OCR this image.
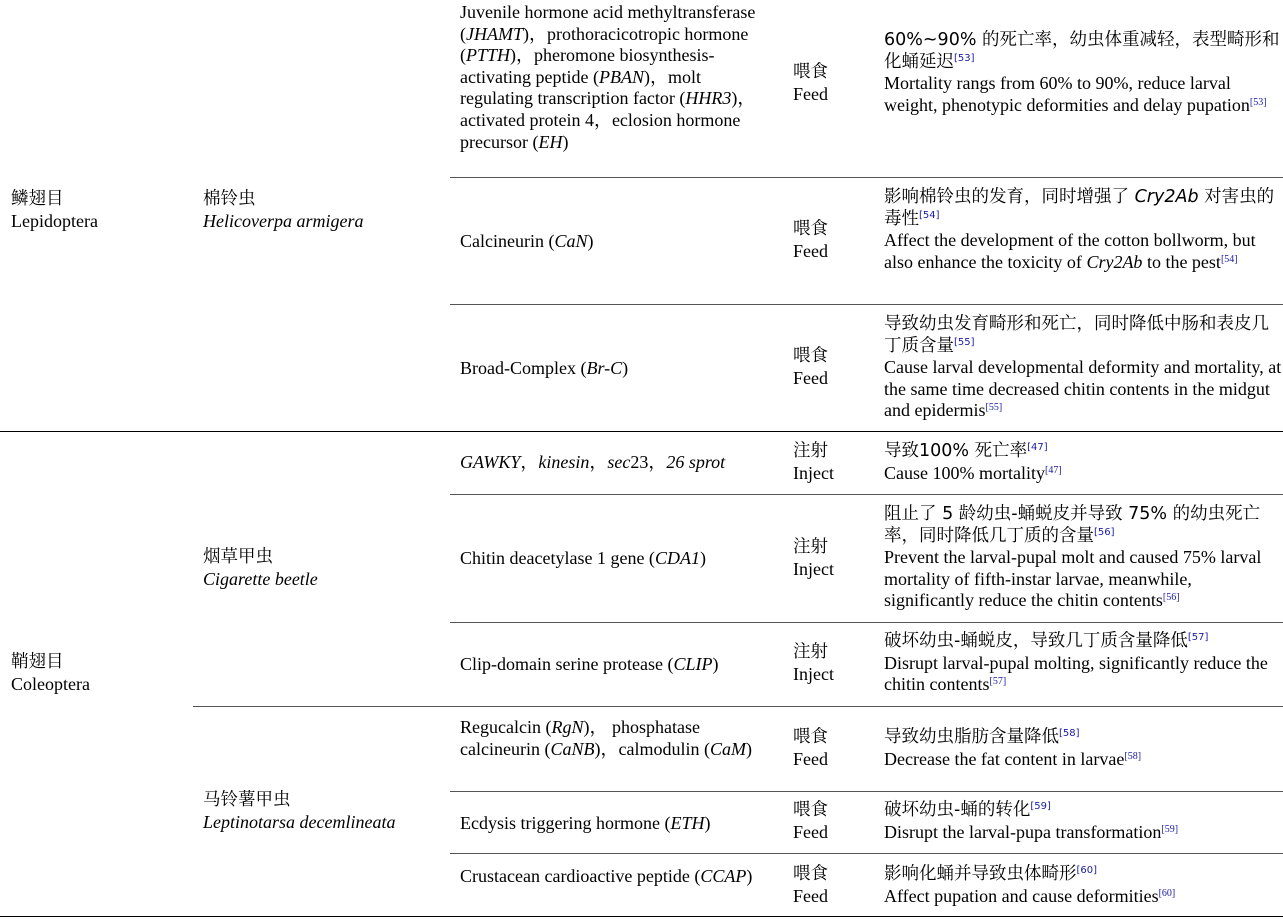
鳞翅目
Lepidoptera
棉铃虫
Helicoverpa armigera
Juvenile hormone acid methyltransferase (JHAMT)，prothoracicotropic hormone (PTTH)，pheromone biosynthesis-activating peptide (PBAN)，molt regulating transcription factor (HHR3)，activated protein 4，eclosion hormone precursor (EH)
喂食
Feed
60%~90% 的死亡率，幼虫体重减轻，表型畸形和化蛹延迟[53]
Mortality rangs from 60% to 90%, reduce larval weight, phenotypic deformities and delay pupation[53]
Calcineurin (CaN)
喂食
Feed
影响棉铃虫的发育，同时增强了 Cry2Ab 对害虫的毒性[54]
Affect the development of the cotton bollworm, but also enhance the toxicity of Cry2Ab to the pest[54]
Broad-Complex (Br-C)
喂食
Feed
导致幼虫发育畸形和死亡，同时降低中肠和表皮几丁质含量[55]
Cause larval developmental deformity and mortality, at the same time decreased chitin contents in the midgut and epidermis[55]
鞘翅目
Coleoptera
烟草甲虫
Cigarette beetle
马铃薯甲虫
Leptinotarsa decemlineata
GAWKY，kinesin，sec23，26 sprot
注射
Inject
导致100% 死亡率[47]
Cause 100% mortality[47]
Chitin deacetylase 1 gene (CDA1)
注射
Inject
阻止了 5 龄幼虫-蛹蜕皮并导致 75% 的幼虫死亡率，同时降低几丁质的含量[56]
Prevent the larval-pupal molt and caused 75% larval mortality of fifth-instar larvae, meanwhile, significantly reduce the chitin contents[56]
Clip-domain serine protease (CLIP)
注射
Inject
破坏幼虫-蛹蜕皮，导致几丁质含量降低[57]
Disrupt larval-pupal molting, significantly reduce the chitin contents[57]
Regucalcin (RgN)， phosphatase calcineurin (CaNB)，calmodulin (CaM)
喂食
Feed
导致幼虫脂肪含量降低[58]
Decrease the fat content in larvae[58]
Ecdysis triggering hormone (ETH)
喂食
Feed
破坏幼虫-蛹的转化[59]
Disrupt the larval-pupa transformation[59]
Crustacean cardioactive peptide (CCAP)	喂食
Feed
影响化蛹并导致虫体畸形[60]
Affect pupation and cause deformities[60]
